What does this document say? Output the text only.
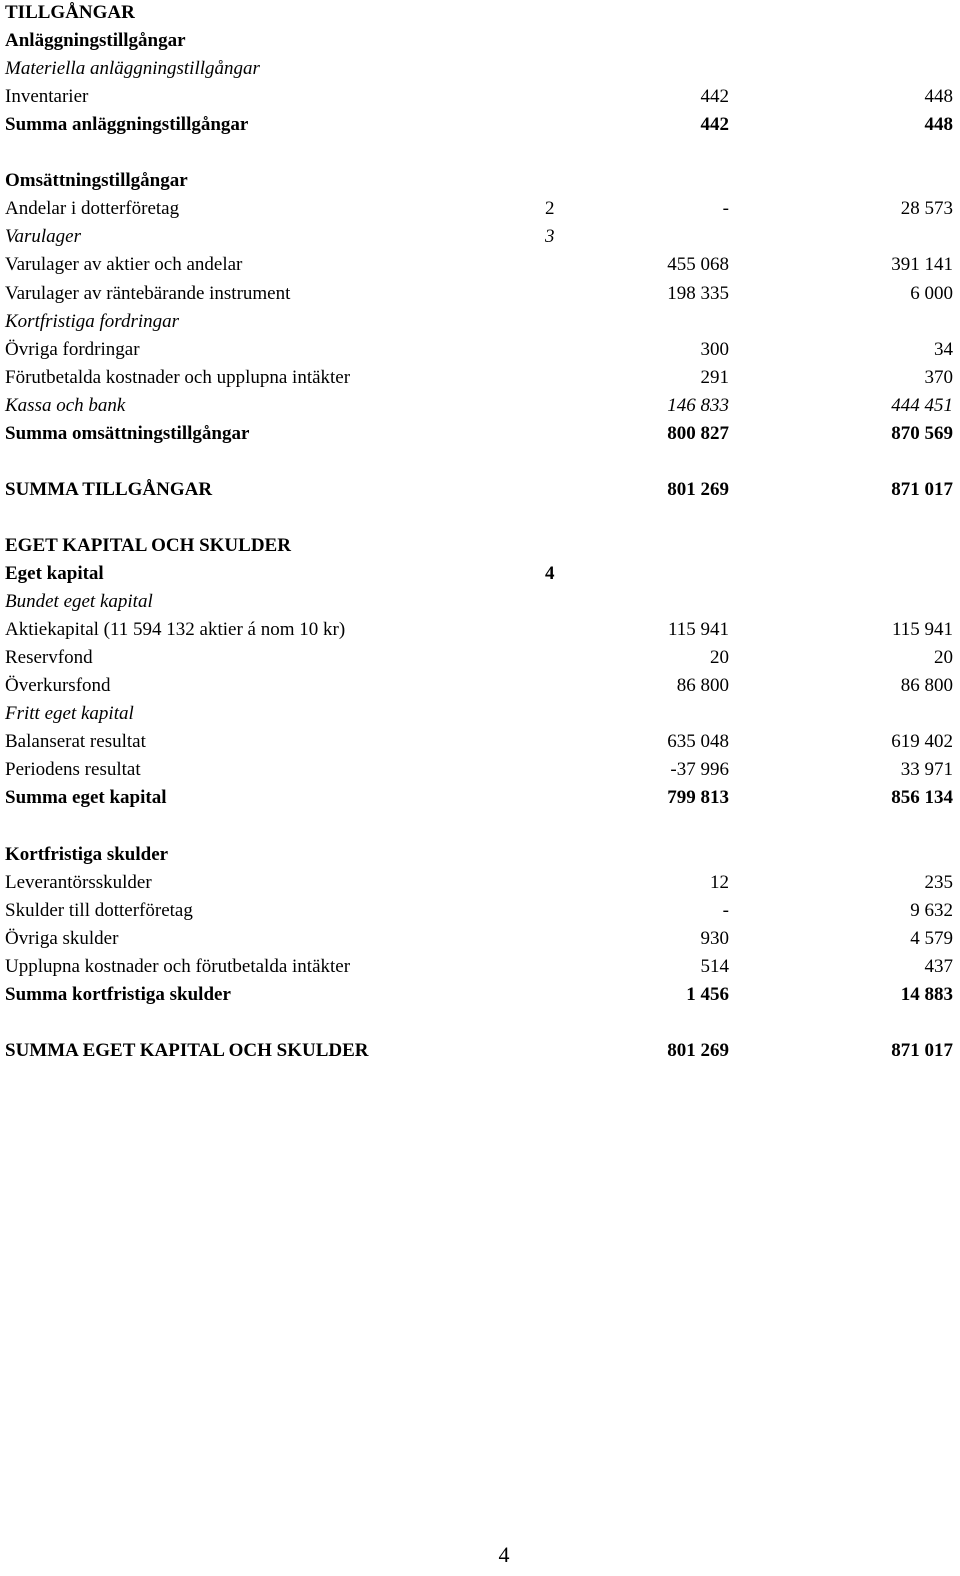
TILLGÅNGAR
Anläggningstillgångar
Materiella anläggningstillgångar
Inventarier	442	448
Summa anläggningstillgångar	442	448
Omsättningstillgångar
Andelar i dotterföretag	2	-	28 573
Varulager	3
Varulager av aktier och andelar	455 068	391 141
Varulager av räntebärande instrument	198 335	6 000
Kortfristiga fordringar
Övriga fordringar	300	34
Förutbetalda kostnader och upplupna intäkter	291	370
Kassa och bank	146 833	444 451
Summa omsättningstillgångar	800 827	870 569
SUMMA TILLGÅNGAR	801 269	871 017
EGET KAPITAL OCH SKULDER
Eget kapital	4
Bundet eget kapital
Aktiekapital (11 594 132 aktier á nom 10 kr)	115 941	115 941
Reservfond	20	20
Överkursfond	86 800	86 800
Fritt eget kapital
Balanserat resultat	635 048	619 402
Periodens resultat	-37 996	33 971
Summa eget kapital	799 813	856 134
Kortfristiga skulder
Leverantörsskulder	12	235
Skulder till dotterföretag	-	9 632
Övriga skulder	930	4 579
Upplupna kostnader och förutbetalda intäkter	514	437
Summa kortfristiga skulder	1 456	14 883
SUMMA EGET KAPITAL OCH SKULDER	801 269	871 017
4
